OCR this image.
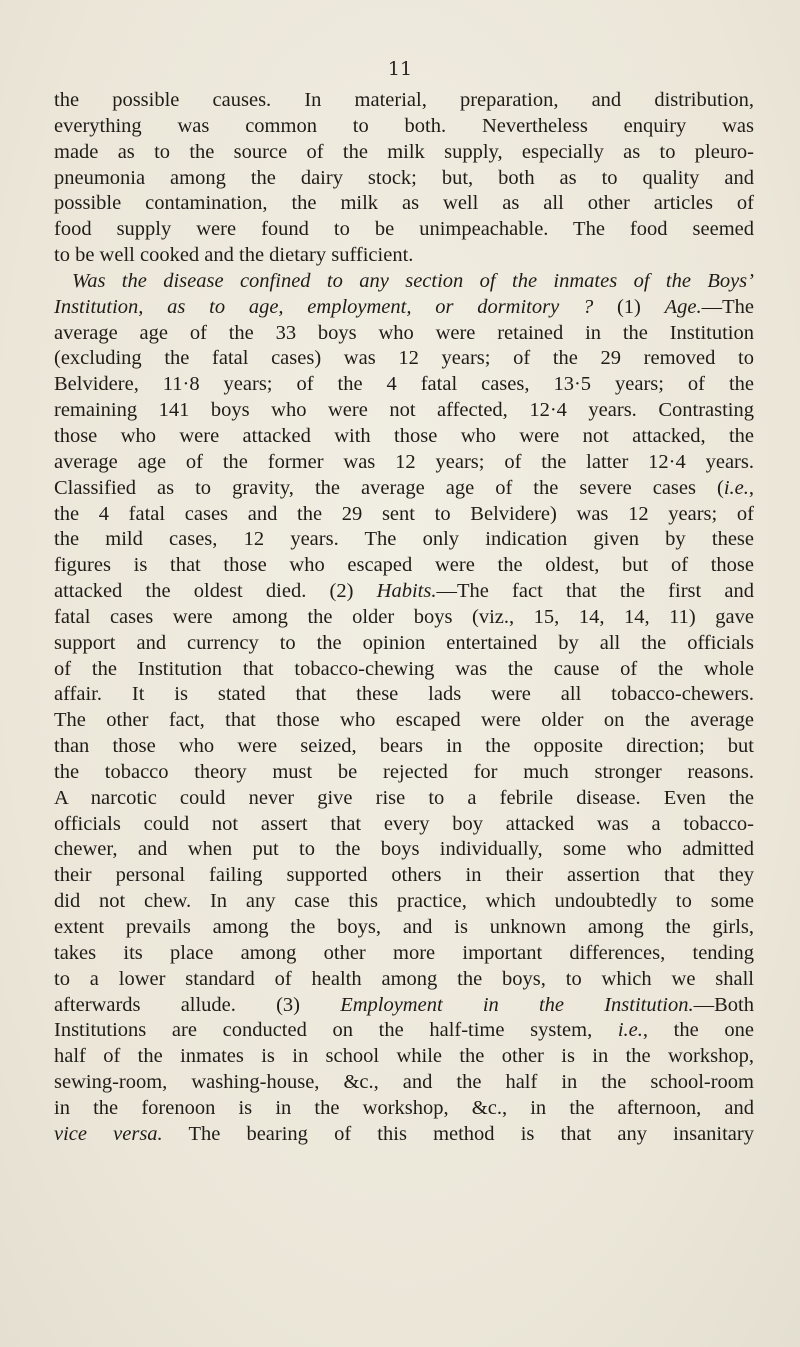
11
the possible causes. In material, preparation, and distribution,
everything was common to both. Nevertheless enquiry was
made as to the source of the milk supply, especially as to pleuro-
pneumonia among the dairy stock; but, both as to quality and
possible contamination, the milk as well as all other articles of
food supply were found to be unimpeachable. The food seemed
to be well cooked and the dietary sufficient.
Was the disease confined to any section of the inmates of the Boys’
Institution, as to age, employment, or dormitory ? (1) Age.—The
average age of the 33 boys who were retained in the Institution
(excluding the fatal cases) was 12 years; of the 29 removed to
Belvidere, 11·8 years; of the 4 fatal cases, 13·5 years; of the
remaining 141 boys who were not affected, 12·4 years. Contrasting
those who were attacked with those who were not attacked, the
average age of the former was 12 years; of the latter 12·4 years.
Classified as to gravity, the average age of the severe cases (i.e.,
the 4 fatal cases and the 29 sent to Belvidere) was 12 years; of
the mild cases, 12 years. The only indication given by these
figures is that those who escaped were the oldest, but of those
attacked the oldest died. (2) Habits.—The fact that the first and
fatal cases were among the older boys (viz., 15, 14, 14, 11) gave
support and currency to the opinion entertained by all the officials
of the Institution that tobacco-chewing was the cause of the whole
affair. It is stated that these lads were all tobacco-chewers.
The other fact, that those who escaped were older on the average
than those who were seized, bears in the opposite direction; but
the tobacco theory must be rejected for much stronger reasons.
A narcotic could never give rise to a febrile disease. Even the
officials could not assert that every boy attacked was a tobacco-
chewer, and when put to the boys individually, some who admitted
their personal failing supported others in their assertion that they
did not chew. In any case this practice, which undoubtedly to some
extent prevails among the boys, and is unknown among the girls,
takes its place among other more important differences, tending
to a lower standard of health among the boys, to which we shall
afterwards allude. (3) Employment in the Institution.—Both
Institutions are conducted on the half-time system, i.e., the one
half of the inmates is in school while the other is in the workshop,
sewing-room, washing-house, &c., and the half in the school-room
in the forenoon is in the workshop, &c., in the afternoon, and
vice versa. The bearing of this method is that any insanitary
